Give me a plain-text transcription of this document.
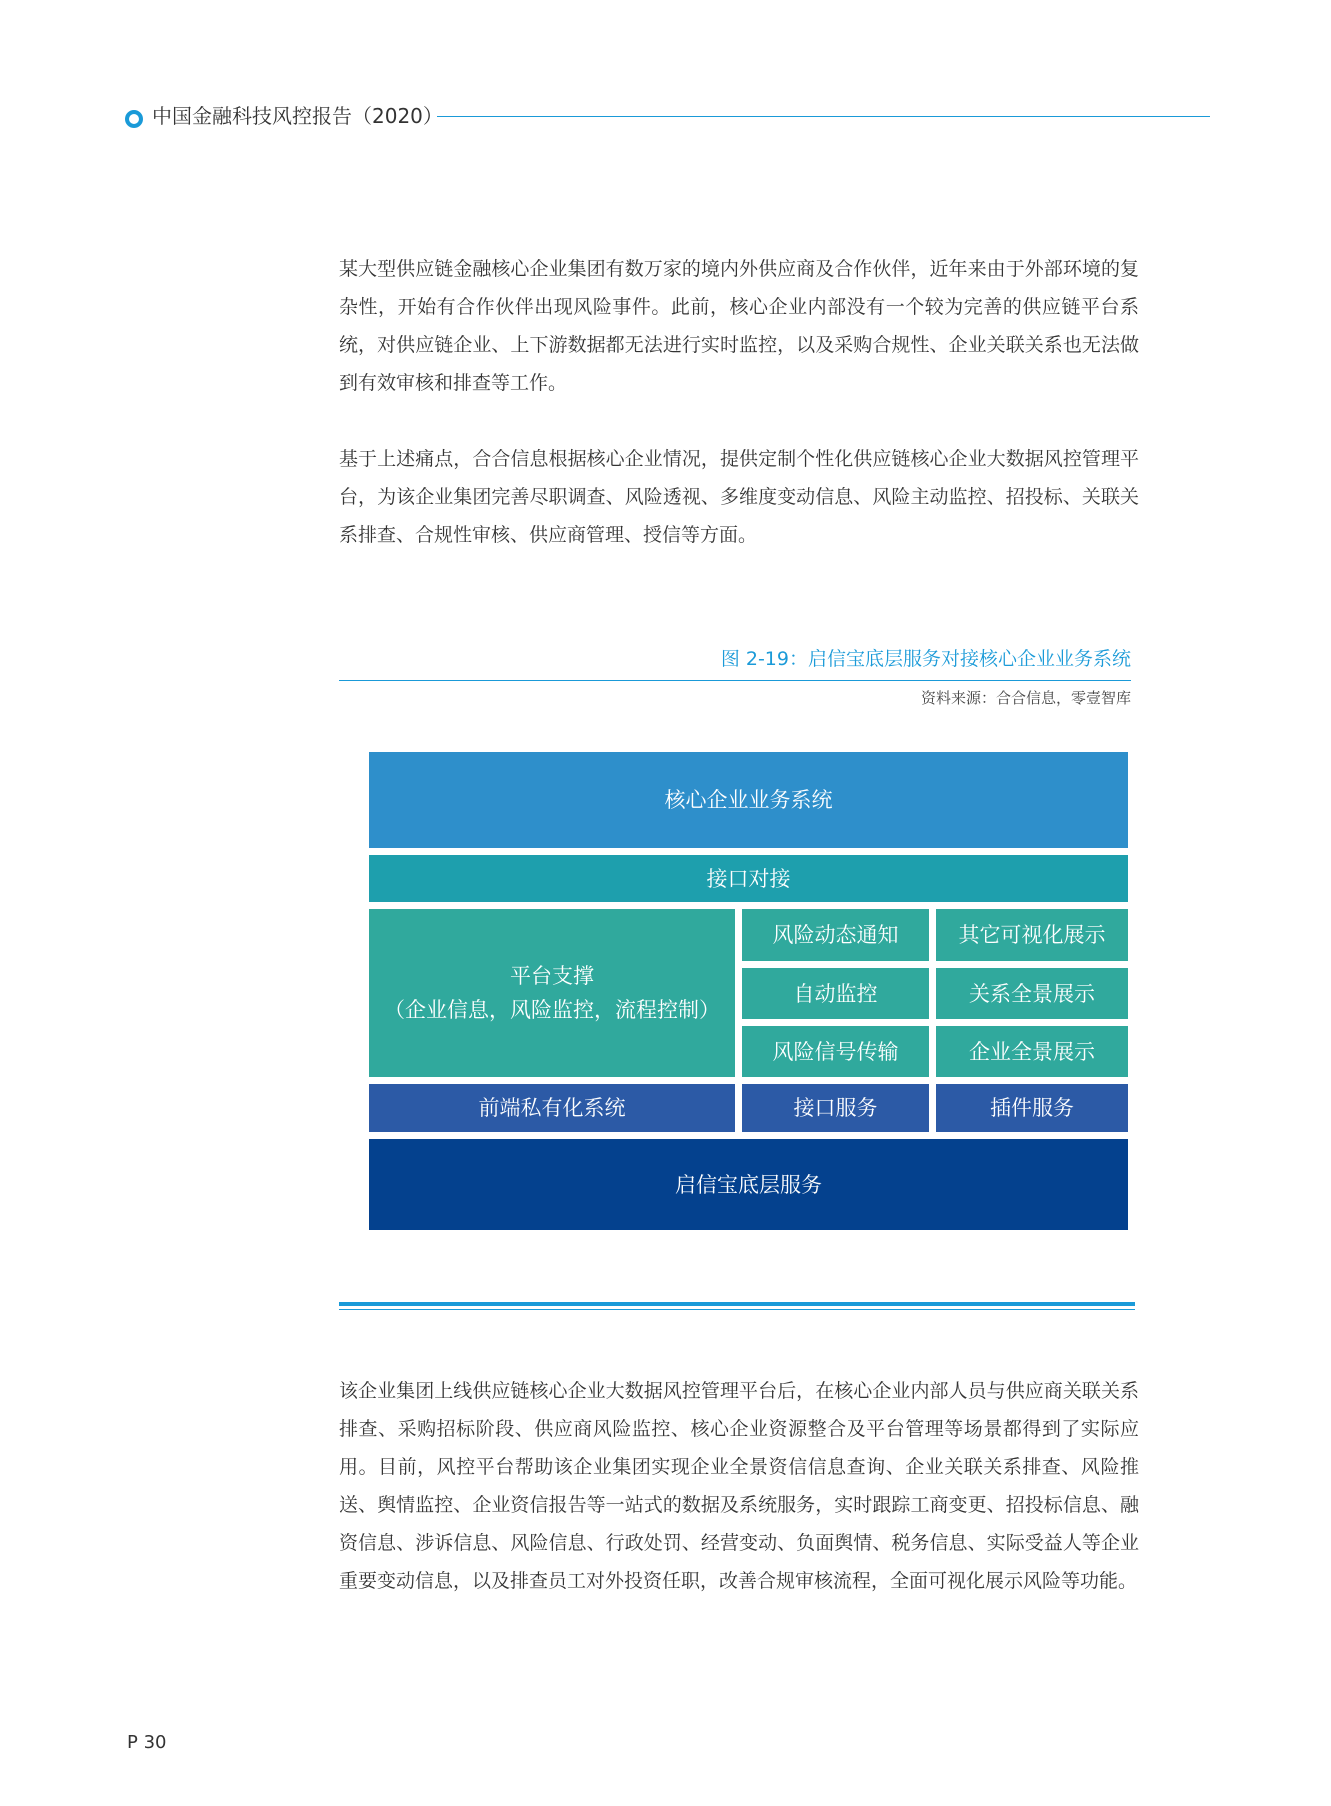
中国金融科技风控报告（2020）

某大型供应链金融核心企业集团有数万家的境内外供应商及合作伙伴，近年来由于外部环境的复杂性，开始有合作伙伴出现风险事件。此前，核心企业内部没有一个较为完善的供应链平台系统，对供应链企业、上下游数据都无法进行实时监控，以及采购合规性、企业关联关系也无法做到有效审核和排查等工作。

基于上述痛点，合合信息根据核心企业情况，提供定制个性化供应链核心企业大数据风控管理平台，为该企业集团完善尽职调查、风险透视、多维度变动信息、风险主动监控、招投标、关联关系排查、合规性审核、供应商管理、授信等方面。

图 2-19：启信宝底层服务对接核心企业业务系统
资料来源：合合信息，零壹智库
核心企业业务系统
接口对接
平台支撑
（企业信息，风险监控，流程控制）
风险动态通知	其它可视化展示
自动监控	关系全景展示
风险信号传输	企业全景展示
前端私有化系统	接口服务	插件服务
启信宝底层服务

该企业集团上线供应链核心企业大数据风控管理平台后，在核心企业内部人员与供应商关联关系排查、采购招标阶段、供应商风险监控、核心企业资源整合及平台管理等场景都得到了实际应用。目前，风控平台帮助该企业集团实现企业全景资信信息查询、企业关联关系排查、风险推送、舆情监控、企业资信报告等一站式的数据及系统服务，实时跟踪工商变更、招投标信息、融资信息、涉诉信息、风险信息、行政处罚、经营变动、负面舆情、税务信息、实际受益人等企业重要变动信息，以及排查员工对外投资任职，改善合规审核流程，全面可视化展示风险等功能。

P 30
